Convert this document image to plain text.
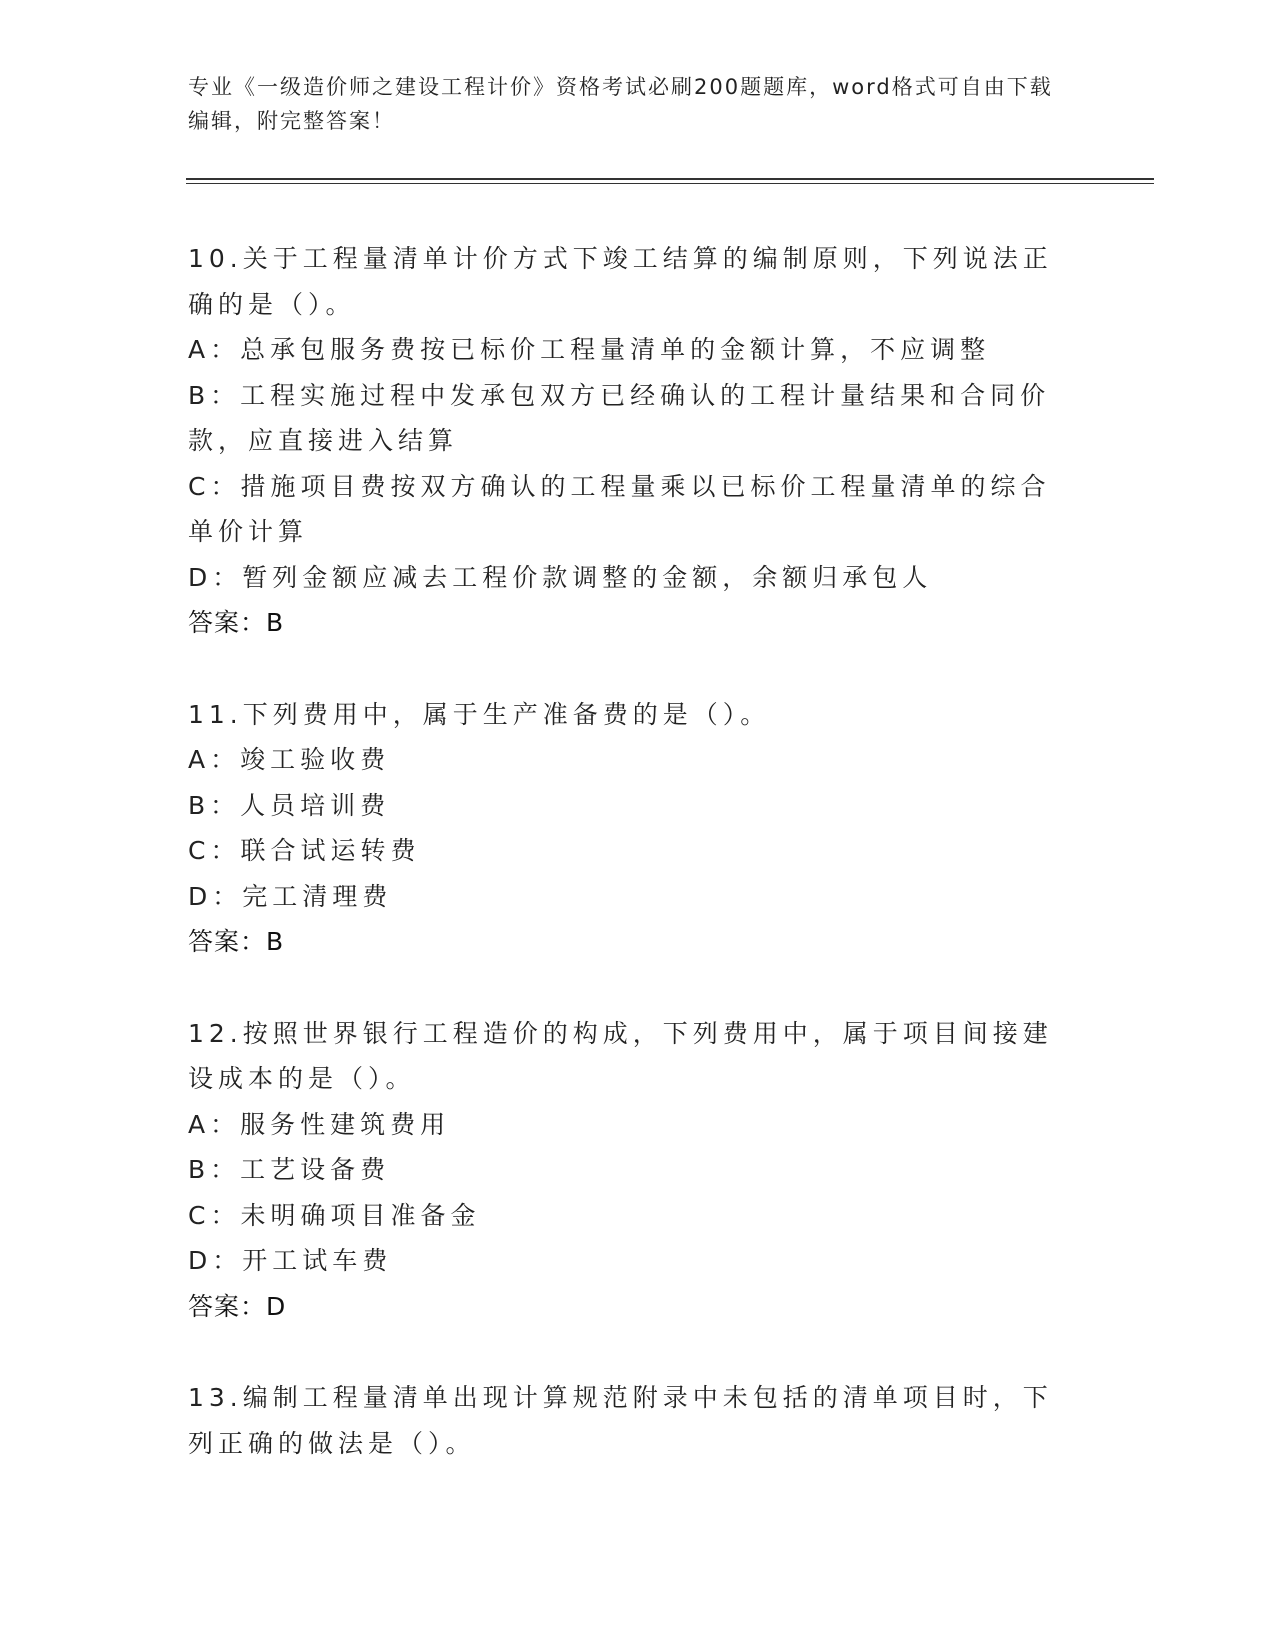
专业《一级造价师之建设工程计价》资格考试必刷200题题库，word格式可自由下载编辑，附完整答案！
10.关于工程量清单计价方式下竣工结算的编制原则，下列说法正确的是（）。
A：总承包服务费按已标价工程量清单的金额计算，不应调整
B：工程实施过程中发承包双方已经确认的工程计量结果和合同价款，应直接进入结算
C：措施项目费按双方确认的工程量乘以已标价工程量清单的综合单价计算
D：暂列金额应减去工程价款调整的金额，余额归承包人
答案：B
11.下列费用中，属于生产准备费的是（）。
A：竣工验收费
B：人员培训费
C：联合试运转费
D：完工清理费
答案：B
12.按照世界银行工程造价的构成，下列费用中，属于项目间接建设成本的是（）。
A：服务性建筑费用
B：工艺设备费
C：未明确项目准备金
D：开工试车费
答案：D
13.编制工程量清单出现计算规范附录中未包括的清单项目时，下列正确的做法是（）。
